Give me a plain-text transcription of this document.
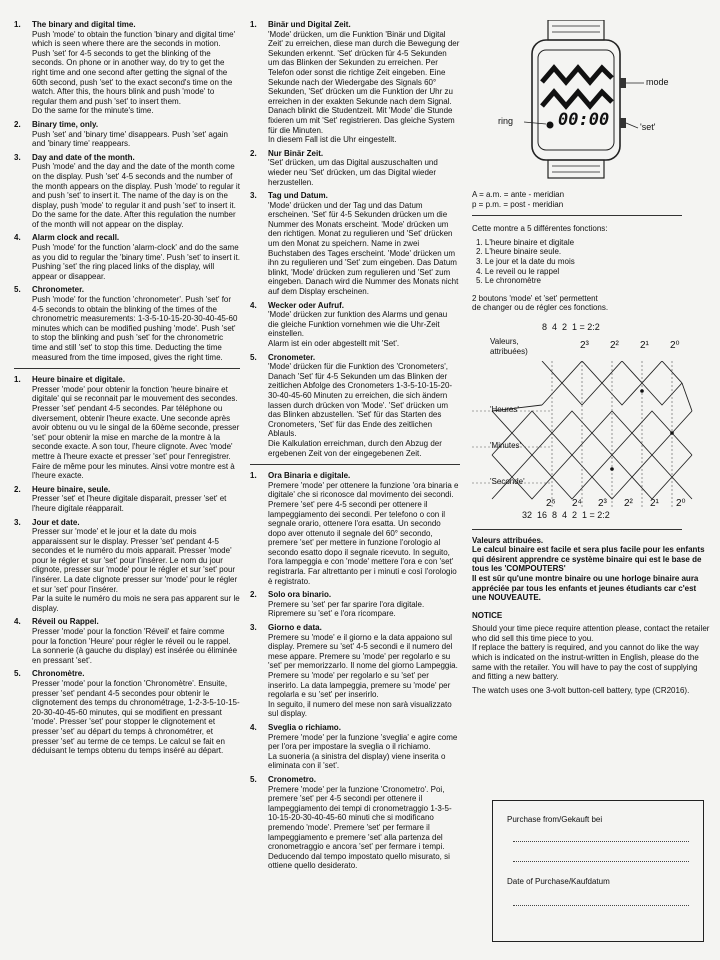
1.	The binary and digital time.
Push 'mode' to obtain the function 'binary and digital time' which is seen where there are the seconds in motion. Push 'set' for 4-5 seconds to get the blinking of the seconds. On phone or in another way, do try to get the right time and one second after getting the signal of the 60th second, push 'set' to the exact second's time on the watch. After this, the hours blink and push 'mode' to regular them and push 'set' to insert them.
Do the same for the minute's time.
2.	Binary time, only.
Push 'set' and 'binary time' disappears. Push 'set' again and 'binary time' reappears.
3.	Day and date of the month.
Push 'mode' and the day and the date of the month come on the display. Push 'set' 4-5 seconds and the number of the month appears on the display. Push 'mode' to regular it and push 'set' to insert it. The name of the day is on the display, push 'mode' to regular it and push 'set' to insert it. Do the same for the date. After this regulation the number of the month will not appear on the display.
4.	Alarm clock and recall.
Push 'mode' for the function 'alarm-clock' and do the same as you did to regular the 'binary time'. Push 'set' to insert it. Pushing 'set' the ring placed links of the display, will appear or disappear.
5.	Chronometer.
Push 'mode' for the function 'chronometer'. Push 'set' for 4-5 seconds to obtain the blinking of the times of the chronometric measurements: 1-3-5-10-15-20-30-40-45-60 minutes which can be modified pushing 'mode'. Push 'set' to stop the blinking and push 'set' for the chronometric time and still 'set' to stop this time. Deducting the time measured from the time imposed, gives the right time.
1.	Heure binaire et digitale.
Presser 'mode' pour obtenir la fonction 'heure binaire et digitale' qui se reconnait par le mouvement des secondes.
Presser 'set' pendant 4-5 secondes. Par téléphone ou diversement, obtenir l'heure exacte. Une seconde après avoir obtenu ou vu le singal de la 60ème seconde, presser 'set' pour obtenir la mise en marche de la montre à la seconde exacte. A son tour, l'heure clignote. Avec 'mode' mettre à l'heure exacte et presser 'set' pour l'enregistrer. Faire de même pour les minutes. Ainsi votre montre est à l'heure exacte.
2.	Heure binaire, seule.
Presser 'set' et l'heure digitale disparait, presser 'set' et l'heure digitale réapparait.
3.	Jour et date.
Presser sur 'mode' et le jour et la date du mois apparaissent sur le display. Presser 'set' pendant 4-5 secondes et le numéro du mois apparait. Presser 'mode' pour le régler et sur 'set' pour l'insérer. Le nom du jour clignote, presser sur 'mode' pour le régler et sur 'set' pour l'insérer. La date clignote presser sur 'mode' pour le régler et sur 'set' pour l'insérer.
Par la suite le numéro du mois ne sera pas apparent sur le display.
4.	Réveil ou Rappel.
Presser 'mode' pour la fonction 'Réveil' et faire comme pour la fonction 'Heure' pour régler le réveil ou le rappel.
La sonnerie (à gauche du display) est insérée ou éliminée en pressant 'set'.
5.	Chronomètre.
Presser 'mode' pour la fonction 'Chronomètre'. Ensuite, presser 'set' pendant 4-5 secondes pour obtenir le clignotement des temps du chronométrage, 1-2-3-5-10-15-20-30-40-45-60 minutes, qui se modifient en pressant 'mode'. Presser 'set' pour stopper le clignotement et presser 'set' au départ du temps à chronométrer, et presser 'set' au terme de ce temps. Le calcul se fait en déduisant le temps obtenu du temps inséré au départ.
1.	Binär und Digital Zeit.
'Mode' drücken, um die Funktion 'Binär und Digital Zeit' zu erreichen, diese man durch die Bewegung der Sekunden erkennt. 'Set' drücken für 4-5 Sekunden um das Blinken der Sekunden zu erreichen. Per Telefon oder sonst die richtige Zeit eingeben. Eine Sekunde nach der Wiedergabe des Signals 60° Sekunden, 'Set' drücken um die Funktion der Uhr zu erreichen in der exakten Sekunde nach dem Signal. Danach blinkt die Studentzeit. Mit 'Mode' die Stunde fixieren um mit 'Set' registrieren. Das gleiche System für die Minuten.
In diesem Fall ist die Uhr eingestellt.
2.	Nur Binär Zeit.
'Set' drücken, um das Digital auszuschalten und wieder neu 'Set' drücken, um das Digital wieder herzustellen.
3.	Tag und Datum.
'Mode' drücken und der Tag und das Datum erscheinen. 'Set' für 4-5 Sekunden drücken um die Nummer des Monats erscheint. 'Mode' drücken um den richtigen. Monat zu regulieren und 'Set' drücken um den Monat zu speichern. Name in zwei Buchstaben des Tages erscheint. 'Mode' drücken um ihn zu regulieren und 'Set' zum eingeben. Das Datum blinkt, 'Mode' drücken zum regulieren und 'Set' zum eingeben. Danach wird die Nummer des Monats nicht auf dem Display erscheinen.
4.	Wecker oder Aufruf.
'Mode' drücken zur funktion des Alarms und genau die gleiche Funktion vornehmen wie die Uhr-Zeit einstellen.
Alarm ist ein oder abgestellt mit 'Set'.
5.	Cronometer.
'Mode' drücken für die Funktion des 'Cronometers', Danach 'Set' für 4-5 Sekunden um das Blinken der zeitlichen Abfolge des Cronometers 1-3-5-10-15-20-30-40-45-60 Minuten zu erreichen, die sich ändern lassen durch drücken von 'Mode'. 'Set' drücken um das Blinken abzustellen. 'Set' für das Starten des Cronometers, 'Set' für das Ende des zeitlichen Ablauls.
Die Kalkulation erreichman, durch den Abzug der ergebenen Zeit von der eingegebenen Zeit.
1.	Ora Binaria e digitale.
Premere 'mode' per ottenere la funzione 'ora binaria e digitale' che si riconosce dal movimento dei secondi.
Premere 'set' pere 4-5 secondi per ottenere il lampeggiamento dei secondi. Per telefono o con il segnale orario, ottenere l'ora esatta. Un secondo dopo aver ottenuto il segnale del 60° secondo, premere 'set' per mettere in funzione l'orologio al secondo esatto dopo il segnale ricevuto. In seguito, l'ora lampeggia e con 'mode' mettere l'ora e con 'set' registrarla. Far altrettanto per i minuti e così l'orologio è registrato.
2.	Solo ora binario.
Premere su 'set' per far sparire l'ora digitale. Ripremere su 'set' e l'ora ricompare.
3.	Giorno e data.
Premere su 'mode' e il giorno e la data appaiono sul display. Premere su 'set' 4-5 secondi e il numero del mese appare. Premere su 'mode' per regolarlo e su 'set' per memorizzarlo. Il nome del giorno Lampeggia. Premere su 'mode' per regolarlo e su 'set' per inserirlo. La data lampeggia, premere su 'mode' per regolarla e su 'set' per inserirlo.
In seguito, il numero del mese non sarà visualizzato sul display.
4.	Sveglia o richiamo.
Premere 'mode' per la funzione 'sveglia' e agire come per l'ora per impostare la sveglia o il richiamo.
La suoneria (a sinistra del display) viene inserita o eliminata con il 'set'.
5.	Cronometro.
Premere 'mode' per la funzione 'Cronometro'. Poi, premere 'set' per 4-5 secondi per ottenere il lampeggiamento dei tempi di cronometraggio 1-3-5-10-15-20-30-40-45-60 minuti che si modificano premendo 'mode'. Premere 'set' per fermare il lampeggiamento e premere 'set' alla partenza del cronometraggio e ancora 'set' per fermare i tempi.
Deducendo dal tempo impostato quello misurato, si ottiene quello desiderato.
00:00
mode
ring
'set'
A = a.m. = ante - meridian
p = p.m. = post - meridian
Cette montre a 5 différentes fonctions:
1. L'heure binaire et digitale
2. L'heure binaire seule.
3. Le jour et la date du mois
4. Le reveil ou le rappel
5. Le chronomètre
2 boutons 'mode' et 'set' permettent
de changer ou de régler ces fonctions.
8  4  2  1 = 2:2
Valeurs,
attribuées)
2³ 2² 2¹ 2⁰
'Heures'
'Minutes'
'Seconde'
2⁵ 2⁴ 2³ 2² 2¹ 2⁰
32  16  8  4  2  1 = 2:2
Valeurs attribuées.
Le calcul binaire est facile et sera plus facile pour les enfants qui désirent apprendre ce système binaire qui est le base de tous les 'COMPOUTERS'
Il est sûr qu'une montre binaire ou une horloge binaire aura appréciée par tous les enfants et jeunes étudiants car c'est une NOUVEAUTE.
NOTICE
Should your time piece require attention please, contact the retailer who did sell this time piece to you.
If replace the battery is required, and you cannot do like the way which is indicated on the instrut-written in English, please do the same with the retailer. You will have to pay the cost of supplying and fitting a new battery.
The watch uses one 3-volt button-cell battery, type (CR2016).
Purchase from/Gekauft bei
Date of Purchase/Kaufdatum
